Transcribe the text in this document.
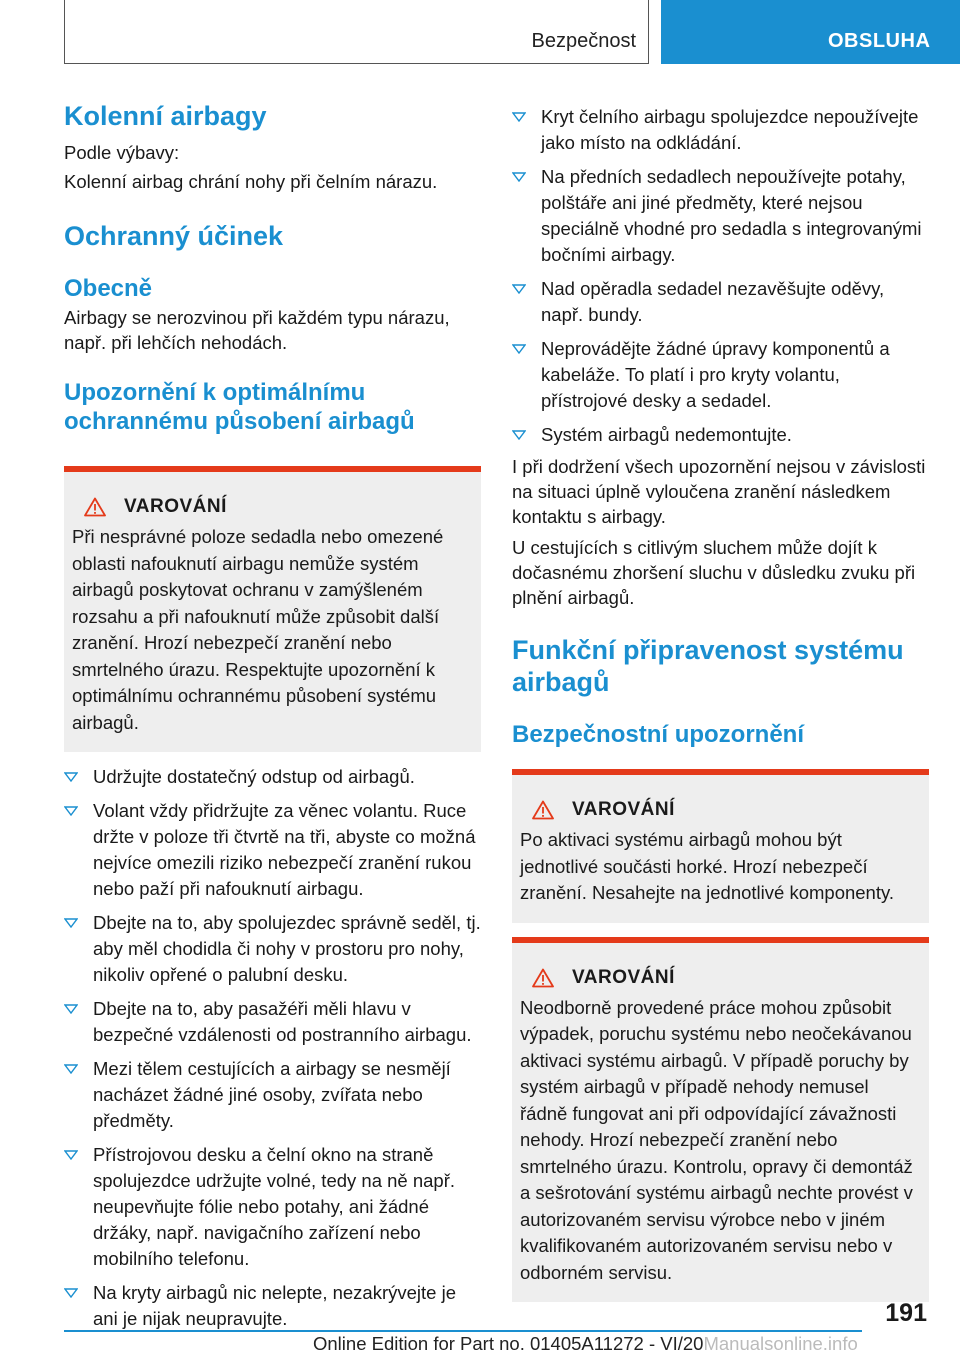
Bezpečnost	OBSLUHA
Kolenní airbagy

Podle výbavy:

Kolenní airbag chrání nohy při čelním nárazu.

Ochranný účinek
Obecně

Airbagy se nerozvinou při každém typu nárazu, např. při lehčích nehodách.

Upozornění k optimálnímu ochrannému působení airbagů
VAROVÁNÍ

Při nesprávné poloze sedadla nebo omezené oblasti nafouknutí airbagu nemůže systém airbagů poskytovat ochranu v zamýšleném rozsahu a při nafouknutí může způsobit další zranění. Hrozí nebezpečí zranění nebo smrtelného úrazu. Respektujte upozornění k optimálnímu ochrannému působení systému airbagů.

Udržujte dostatečný odstup od airbagů.
Volant vždy přidržujte za věnec volantu. Ruce držte v poloze tři čtvrtě na tři, abyste co možná nejvíce omezili riziko nebezpečí zranění rukou nebo paží při nafouknutí airbagu.
Dbejte na to, aby spolujezdec správně seděl, tj. aby měl chodidla či nohy v prostoru pro nohy, nikoliv opřené o palubní desku.
Dbejte na to, aby pasažéři měli hlavu v bezpečné vzdálenosti od postranního airbagu.
Mezi tělem cestujících a airbagy se nesmějí nacházet žádné jiné osoby, zvířata nebo předměty.
Přístrojovou desku a čelní okno na straně spolujezdce udržujte volné, tedy na ně např. neupevňujte fólie nebo potahy, ani žádné držáky, např. navigačního zařízení nebo mobilního telefonu.
Na kryty airbagů nic nelepte, nezakrývejte je ani je nijak neupravujte.
Kryt čelního airbagu spolujezdce nepoužívejte jako místo na odkládání.
Na předních sedadlech nepoužívejte potahy, polštáře ani jiné předměty, které nejsou speciálně vhodné pro sedadla s integrovanými bočními airbagy.
Nad opěradla sedadel nezavěšujte oděvy, např. bundy.
Neprovádějte žádné úpravy komponentů a kabeláže. To platí i pro kryty volantu, přístrojové desky a sedadel.
Systém airbagů nedemontujte.

I při dodržení všech upozornění nejsou v závislosti na situaci úplně vyloučena zranění následkem kontaktu s airbagy.

U cestujících s citlivým sluchem může dojít k dočasnému zhoršení sluchu v důsledku zvuku při plnění airbagů.

Funkční připravenost systému airbagů
Bezpečnostní upozornění
VAROVÁNÍ

Po aktivaci systému airbagů mohou být jednotlivé součásti horké. Hrozí nebezpečí zranění. Nesahejte na jednotlivé komponenty.

VAROVÁNÍ

Neodborně provedené práce mohou způsobit výpadek, poruchu systému nebo neočekávanou aktivaci systému airbagů. V případě poruchy by systém airbagů v případě nehody nemusel řádně fungovat ani při odpovídající závažnosti nehody. Hrozí nebezpečí zranění nebo smrtelného úrazu. Kontrolu, opravy či demontáž a sešrotování systému airbagů nechte provést v autorizovaném servisu výrobce nebo v jiném kvalifikovaném autorizovaném servisu nebo v odborném servisu.

191
Online Edition for Part no. 01405A11272 - VI/20Manualsonline.info
